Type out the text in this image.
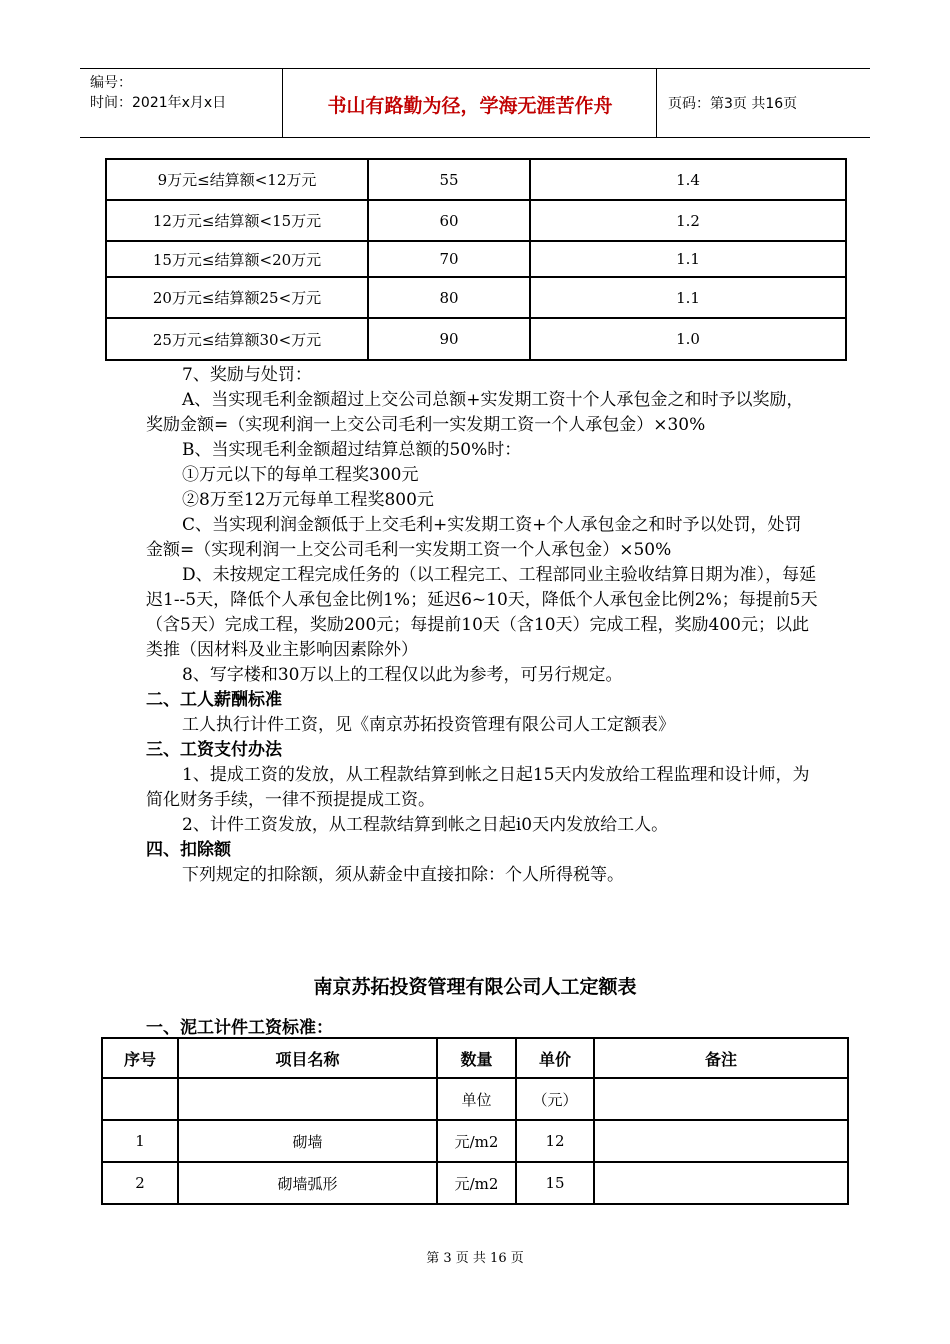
编号：
时间：2021年x月x日	书山有路勤为径，学海无涯苦作舟	页码：第3页 共16页
9万元≤结算额<12万元	55	1.4
12万元≤结算额<15万元	60	1.2
15万元≤结算额<20万元	70	1.1
20万元≤结算额25<万元	80	1.1
25万元≤结算额30<万元	90	1.0

7、奖励与处罚：

A、当实现毛利金额超过上交公司总额+实发期工资十个人承包金之和时予以奖励，奖励金额=（实现利润一上交公司毛利一实发期工资一个人承包金）×30%

B、当实现毛利金额超过结算总额的50%时：

①万元以下的每单工程奖300元

②8万至12万元每单工程奖800元

C、当实现利润金额低于上交毛利+实发期工资+个人承包金之和时予以处罚，处罚金额=（实现利润一上交公司毛利一实发期工资一个人承包金）×50%

D、未按规定工程完成任务的（以工程完工、工程部同业主验收结算日期为准），每延迟1--5天，降低个人承包金比例1%；延迟6~10天，降低个人承包金比例2%；每提前5天（含5天）完成工程，奖励200元；每提前10天（含10天）完成工程，奖励400元；以此类推（因材料及业主影响因素除外）

8、写字楼和30万以上的工程仅以此为参考，可另行规定。

二、工人薪酬标准

工人执行计件工资，见《南京苏拓投资管理有限公司人工定额表》

三、工资支付办法

1、提成工资的发放，从工程款结算到帐之日起15天内发放给工程监理和设计师，为简化财务手续，一律不预提提成工资。

2、计件工资发放，从工程款结算到帐之日起i0天内发放给工人。

四、扣除额

下列规定的扣除额，须从薪金中直接扣除：个人所得税等。

南京苏拓投资管理有限公司人工定额表
一、泥工计件工资标准：
序号	项目名称	数量	单价	备注
		单位	（元）	
1	砌墙	元/m2	12	
2	砌墙弧形	元/m2	15	
第 3 页 共 16 页
